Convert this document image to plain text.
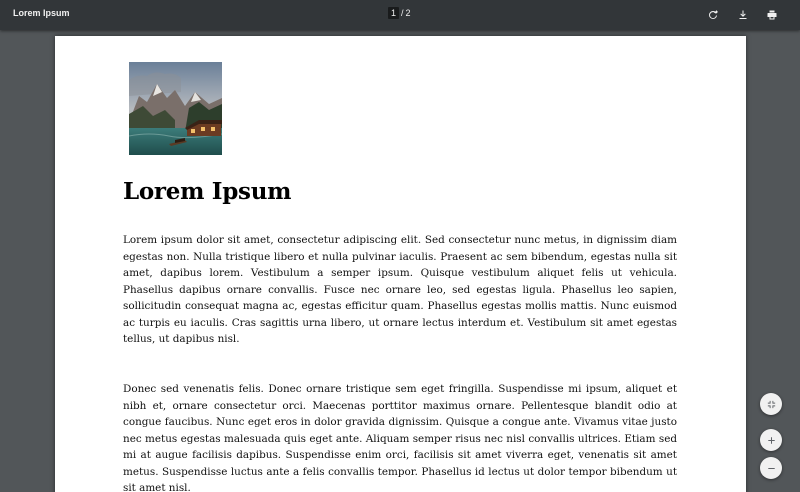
Lorem Ipsum	1 / 2
Lorem Ipsum

Lorem ipsum dolor sit amet, consectetur adipiscing elit. Sed consectetur nunc metus, in dignissim diam egestas non. Nulla tristique libero et nulla pulvinar iaculis. Praesent ac sem bibendum, egestas nulla sit amet, dapibus lorem. Vestibulum a semper ipsum. Quisque vestibulum aliquet felis ut vehicula. Phasellus dapibus ornare convallis. Fusce nec ornare leo, sed egestas ligula. Phasellus leo sapien, sollicitudin consequat magna ac, egestas efficitur quam. Phasellus egestas mollis mattis. Nunc euismod ac turpis eu iaculis. Cras sagittis urna libero, ut ornare lectus interdum et. Vestibulum sit amet egestas tellus, ut dapibus nisl.

Donec sed venenatis felis. Donec ornare tristique sem eget fringilla. Suspendisse mi ipsum, aliquet et nibh et, ornare consectetur orci. Maecenas porttitor maximus ornare. Pellentesque blandit odio at congue faucibus. Nunc eget eros in dolor gravida dignissim. Quisque a congue ante. Vivamus vitae justo nec metus egestas malesuada quis eget ante. Aliquam semper risus nec nisl convallis ultrices. Etiam sed mi at augue facilisis dapibus. Suspendisse enim orci, facilisis sit amet viverra eget, venenatis sit amet metus. Suspendisse luctus ante a felis convallis tempor. Phasellus id lectus ut dolor tempor bibendum ut sit amet nisl.
